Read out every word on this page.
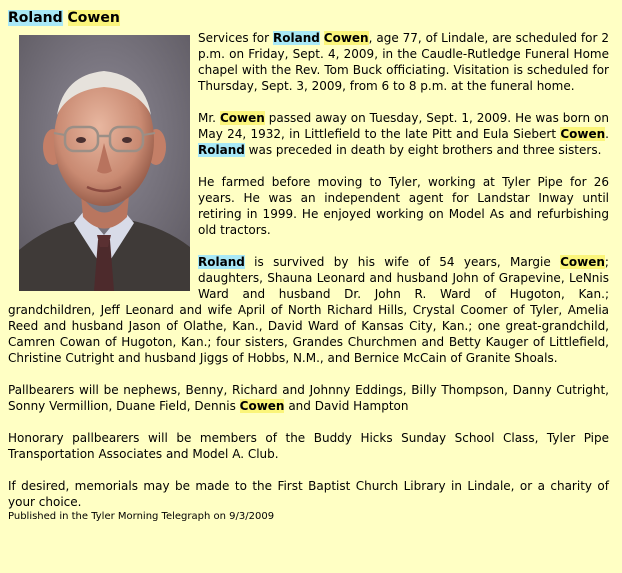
Roland Cowen

Services for Roland Cowen, age 77, of Lindale, are scheduled for 2 p.m. on Friday, Sept. 4, 2009, in the Caudle-Rutledge Funeral Home chapel with the Rev. Tom Buck officiating. Visitation is scheduled for Thursday, Sept. 3, 2009, from 6 to 8 p.m. at the funeral home.

Mr. Cowen passed away on Tuesday, Sept. 1, 2009. He was born on May 24, 1932, in Littlefield to the late Pitt and Eula Siebert Cowen. Roland was preceded in death by eight brothers and three sisters.

He farmed before moving to Tyler, working at Tyler Pipe for 26 years. He was an independent agent for Landstar Inway until retiring in 1999. He enjoyed working on Model As and refurbishing old tractors.

Roland is survived by his wife of 54 years, Margie Cowen; daughters, Shauna Leonard and husband John of Grapevine, LeNnis Ward and husband Dr. John R. Ward of Hugoton, Kan.; grandchildren, Jeff Leonard and wife April of North Richard Hills, Crystal Coomer of Tyler, Amelia Reed and husband Jason of Olathe, Kan., David Ward of Kansas City, Kan.; one great-grandchild, Camren Cowan of Hugoton, Kan.; four sisters, Grandes Churchmen and Betty Kauger of Littlefield, Christine Cutright and husband Jiggs of Hobbs, N.M., and Bernice McCain of Granite Shoals.

Pallbearers will be nephews, Benny, Richard and Johnny Eddings, Billy Thompson, Danny Cutright, Sonny Vermillion, Duane Field, Dennis Cowen and David Hampton

Honorary pallbearers will be members of the Buddy Hicks Sunday School Class, Tyler Pipe Transportation Associates and Model A. Club.

If desired, memorials may be made to the First Baptist Church Library in Lindale, or a charity of your choice.

Published in the Tyler Morning Telegraph on 9/3/2009
